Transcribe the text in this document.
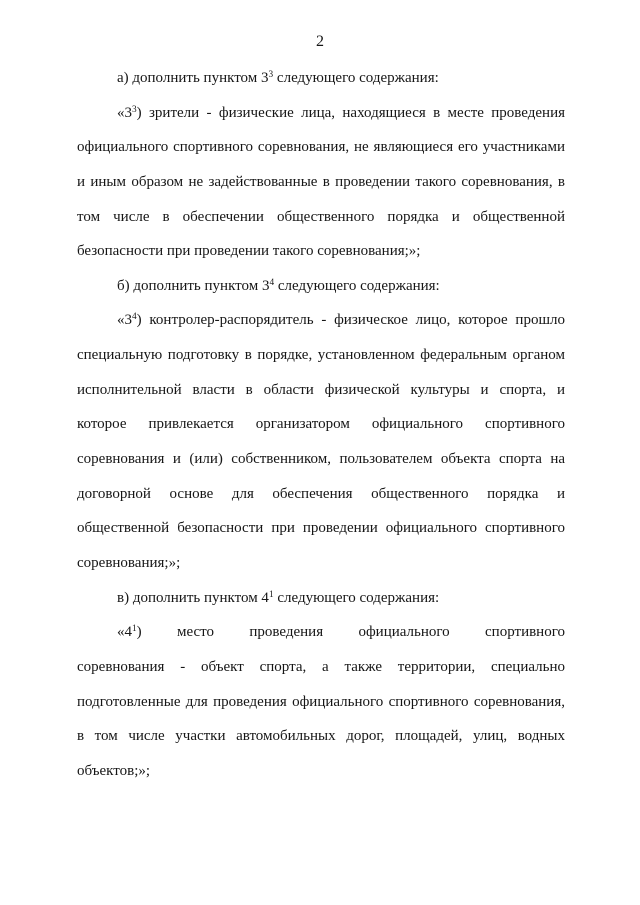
2
а) дополнить пунктом $3^3$ следующего содержания:
«$3^3$) зрители - физические лица, находящиеся в месте проведения
официального спортивного соревнования, не являющиеся его участниками
и иным образом не задействованные в проведении такого соревнования, в
том числе в обеспечении общественного порядка и общественной
безопасности при проведении такого соревнования;»;
б) дополнить пунктом $3^4$ следующего содержания:
«$3^4$) контролер-распорядитель - физическое лицо, которое прошло
специальную подготовку в порядке, установленном федеральным органом
исполнительной власти в области физической культуры и спорта, и
которое привлекается организатором официального спортивного
соревнования и (или) собственником, пользователем объекта спорта на
договорной основе для обеспечения общественного порядка и
общественной безопасности при проведении официального спортивного
соревнования;»;
в) дополнить пунктом $4^1$ следующего содержания:
«$4^1$) место проведения официального спортивного
соревнования - объект спорта, а также территории, специально
подготовленные для проведения официального спортивного соревнования,
в том числе участки автомобильных дорог, площадей, улиц, водных
объектов;»;
